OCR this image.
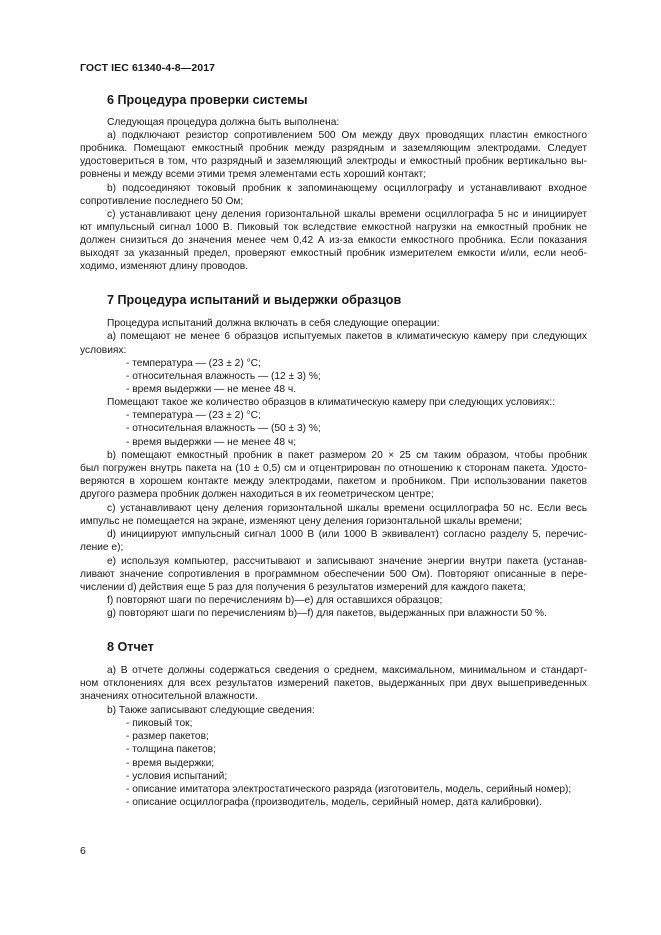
ГОСТ IEC 61340-4-8—2017
6 Процедура проверки системы

Следующая процедура должна быть выполнена:

a) подключают резистор сопротивлением 500 Ом между двух проводящих пластин емкостного

пробника. Помещают емкостный пробник между разрядным и заземляющим электродами. Следует

удостовериться в том, что разрядный и заземляющий электроды и емкостный пробник вертикально вы-

ровнены и между всеми этими тремя элементами есть хороший контакт;

b) подсоединяют токовый пробник к запоминающему осциллографу и устанавливают входное

сопротивление последнего 50 Ом;

c) устанавливают цену деления горизонтальной шкалы времени осциллографа 5 нс и инициирует

ют импульсный сигнал 1000 В. Пиковый ток вследствие емкостной нагрузки на емкостный пробник не

должен снизиться до значения менее чем 0,42 А из-за емкости емкостного пробника. Если показания

выходят за указанный предел, проверяют емкостный пробник измерителем емкости и/или, если необ-

ходимо, изменяют длину проводов.

7 Процедура испытаний и выдержки образцов

Процедура испытаний должна включать в себя следующие операции:

a) помещают не менее 6 образцов испытуемых пакетов в климатическую камеру при следующих

условиях:

- температура — (23 ± 2) °C;

- относительная влажность — (12 ± 3) %;

- время выдержки — не менее 48 ч.

Помещают такое же количество образцов в климатическую камеру при следующих условиях::

- температура — (23 ± 2) °C;

- относительная влажность — (50 ± 3) %;

- время выдержки — не менее 48 ч;

b) помещают емкостный пробник в пакет размером 20 × 25 см таким образом, чтобы пробник

был погружен внутрь пакета на (10 ± 0,5) см и отцентрирован по отношению к сторонам пакета. Удосто-

веряются в хорошем контакте между электродами, пакетом и пробником. При использовании пакетов

другого размера пробник должен находиться в их геометрическом центре;

c) устанавливают цену деления горизонтальной шкалы времени осциллографа 50 нс. Если весь

импульс не помещается на экране, изменяют цену деления горизонтальной шкалы времени;

d) инициируют импульсный сигнал 1000 В (или 1000 В эквивалент) согласно разделу 5, перечис-

ление е);

e) используя компьютер, рассчитывают и записывают значение энергии внутри пакета (устанав-

ливают значение сопротивления в программном обеспечении 500 Ом). Повторяют описанные в пере-

числении d) действия еще 5 раз для получения 6 результатов измерений для каждого пакета;

f) повторяют шаги по перечислениям b)—e) для оставшихся образцов;

g) повторяют шаги по перечислениям b)—f) для пакетов, выдержанных при влажности 50 %.

8 Отчет

a) В отчете должны содержаться сведения о среднем, максимальном, минимальном и стандарт-

ном отклонениях для всех результатов измерений пакетов, выдержанных при двух вышеприведенных

значениях относительной влажности.

b) Также записывают следующие сведения:

- пиковый ток;

- размер пакетов;

- толщина пакетов;

- время выдержки;

- условия испытаний;

- описание имитатора электростатического разряда (изготовитель, модель, серийный номер);

- описание осциллографа (производитель, модель, серийный номер, дата калибровки).

6
